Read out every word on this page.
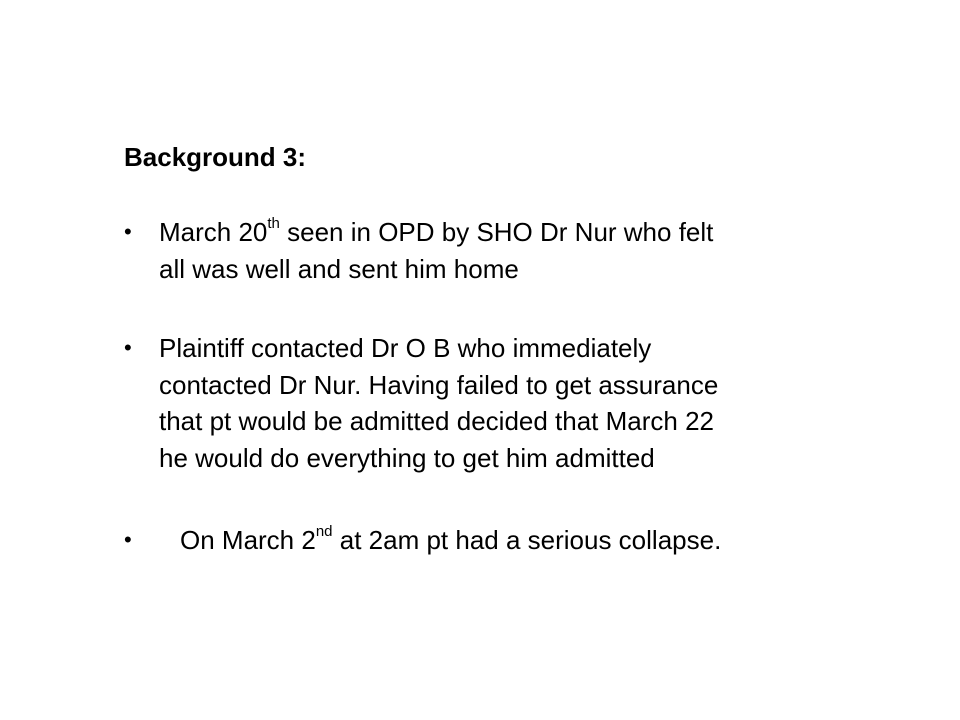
Background 3:
• March 20th seen in OPD by SHO Dr Nur who felt
all was well and sent him home
• Plaintiff contacted Dr O B who immediately
contacted Dr Nur. Having failed to get assurance
that pt would be admitted decided that March 22
he would do everything to get him admitted
• On March 2nd at 2am pt had a serious collapse.
